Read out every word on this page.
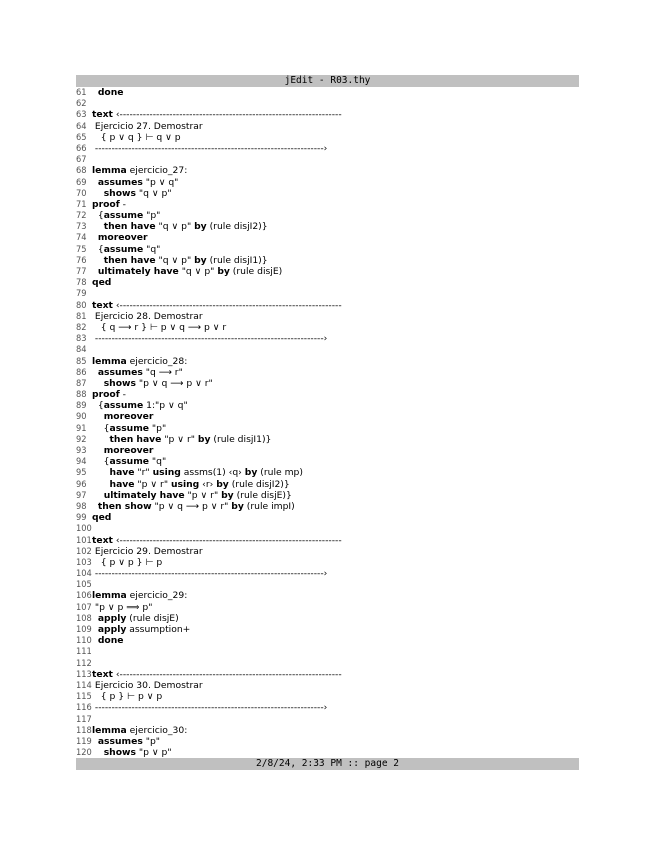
jEdit - R03.thy
61	done
62
63 text ‹-------------------------------------------------------------------
64 Ejercicio 27. Demostrar
65 { p ∨ q } ⊢ q ∨ p
66 ---------------------------------------------------------------------›
67
68 lemma ejercicio_27:
69	assumes "p ∨ q"
70	shows "q ∨ p"
71 proof -
72 {assume "p"
73	then have "q ∨ p" by (rule disjI2)}
74	moreover
75 {assume "q"
76	then have "q ∨ p" by (rule disjI1)}
77	ultimately have "q ∨ p" by (rule disjE)
78 qed
79
80 text ‹-------------------------------------------------------------------
81 Ejercicio 28. Demostrar
82 { q ⟶ r } ⊢ p ∨ q ⟶ p ∨ r
83 ---------------------------------------------------------------------›
84
85 lemma ejercicio_28:
86	assumes "q ⟶ r"
87	shows "p ∨ q ⟶ p ∨ r"
88 proof -
89 {assume 1:"p ∨ q"
90	moreover
91 {assume "p"
92	then have "p ∨ r" by (rule disjI1)}
93	moreover
94 {assume "q"
95	have "r" using assms(1) ‹q› by (rule mp)
96	have "p ∨ r" using ‹r› by (rule disjI2)}
97	ultimately have "p ∨ r" by (rule disjE)}
98	then show "p ∨ q ⟶ p ∨ r" by (rule impI)
99 qed
100
101 text ‹-------------------------------------------------------------------
102 Ejercicio 29. Demostrar
103 { p ∨ p } ⊢ p
104 ---------------------------------------------------------------------›
105
106 lemma ejercicio_29:
107 "p ∨ p ⟹ p"
108 apply (rule disjE)
109 apply assumption+
110 done
111
112
113 text ‹-------------------------------------------------------------------
114 Ejercicio 30. Demostrar
115 { p } ⊢ p ∨ p
116 ---------------------------------------------------------------------›
117
118 lemma ejercicio_30:
119 assumes "p"
120	shows "p ∨ p"
2/8/24, 2:33 PM :: page 2
